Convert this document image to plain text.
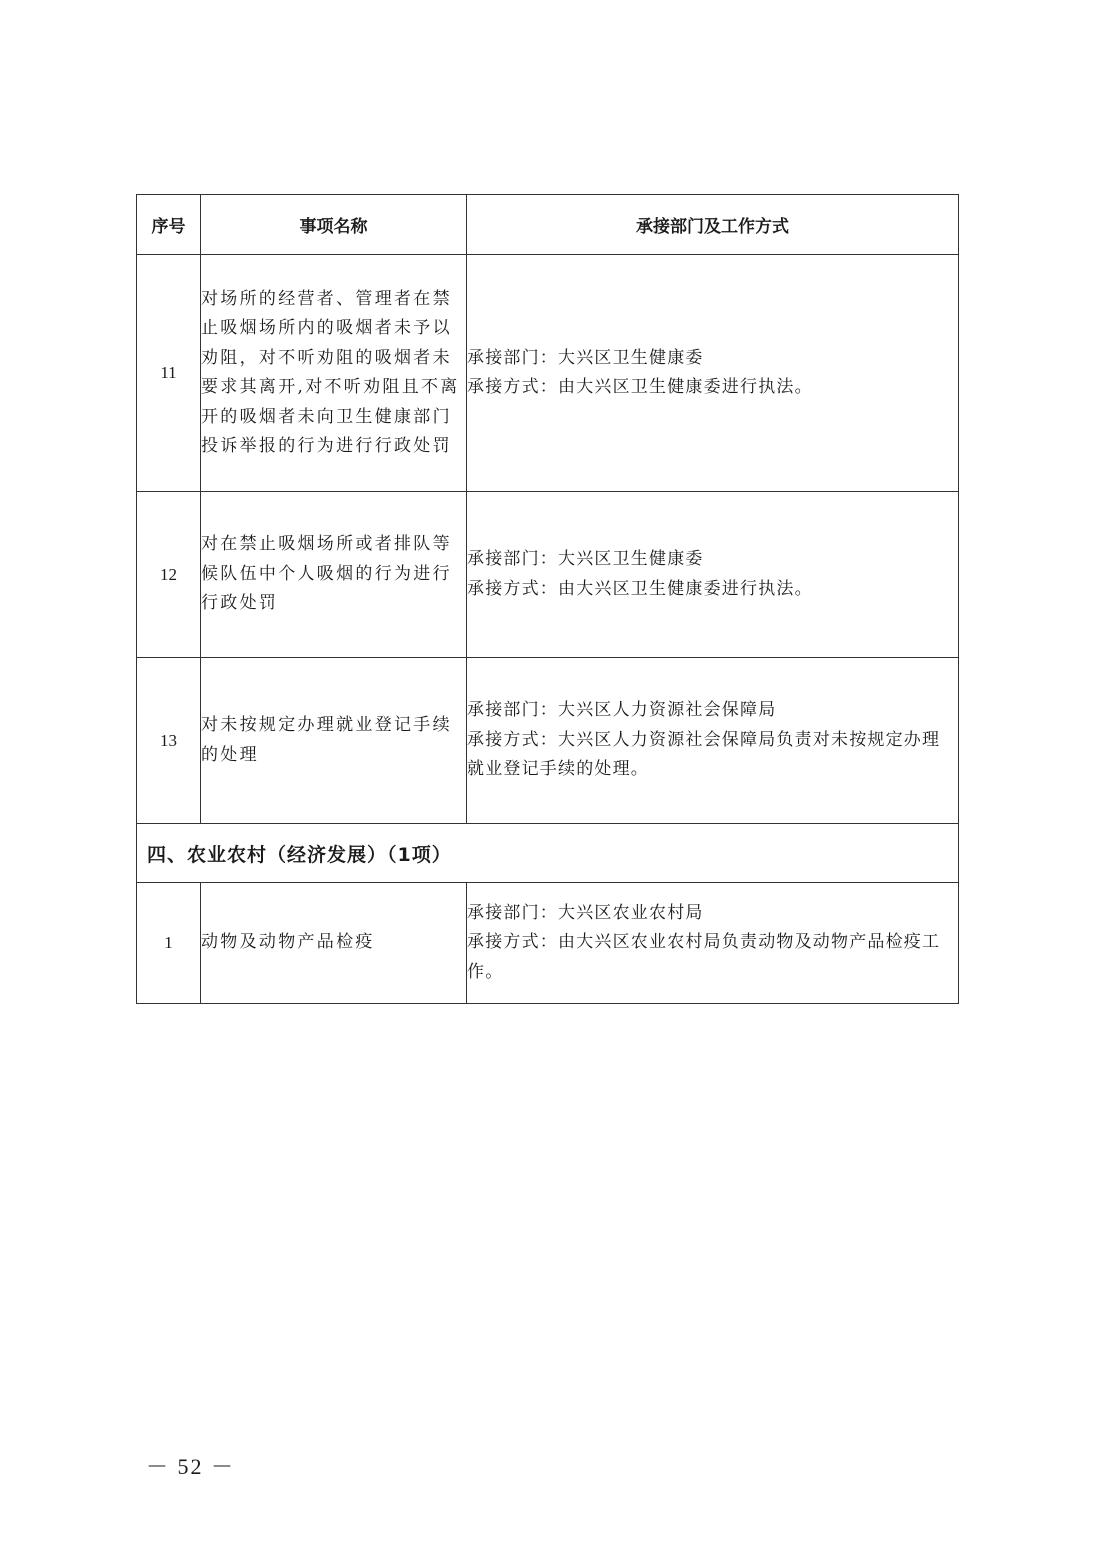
序号	事项名称	承接部门及工作方式
11	对场所的经营者、管理者在禁止吸烟场所内的吸烟者未予以劝阻，对不听劝阻的吸烟者未要求其离开,对不听劝阻且不离开的吸烟者未向卫生健康部门投诉举报的行为进行行政处罚	承接部门：大兴区卫生健康委
承接方式：由大兴区卫生健康委进行执法。

12	对在禁止吸烟场所或者排队等候队伍中个人吸烟的行为进行行政处罚	承接部门：大兴区卫生健康委
承接方式：由大兴区卫生健康委进行执法。

13	对未按规定办理就业登记手续的处理	承接部门：大兴区人力资源社会保障局
承接方式：大兴区人力资源社会保障局负责对未按规定办理就业登记手续的处理。

四、农业农村（经济发展）（1项）		
1	动物及动物产品检疫	承接部门：大兴区农业农村局
承接方式：由大兴区农业农村局负责动物及动物产品检疫工作。
－ 52 －
